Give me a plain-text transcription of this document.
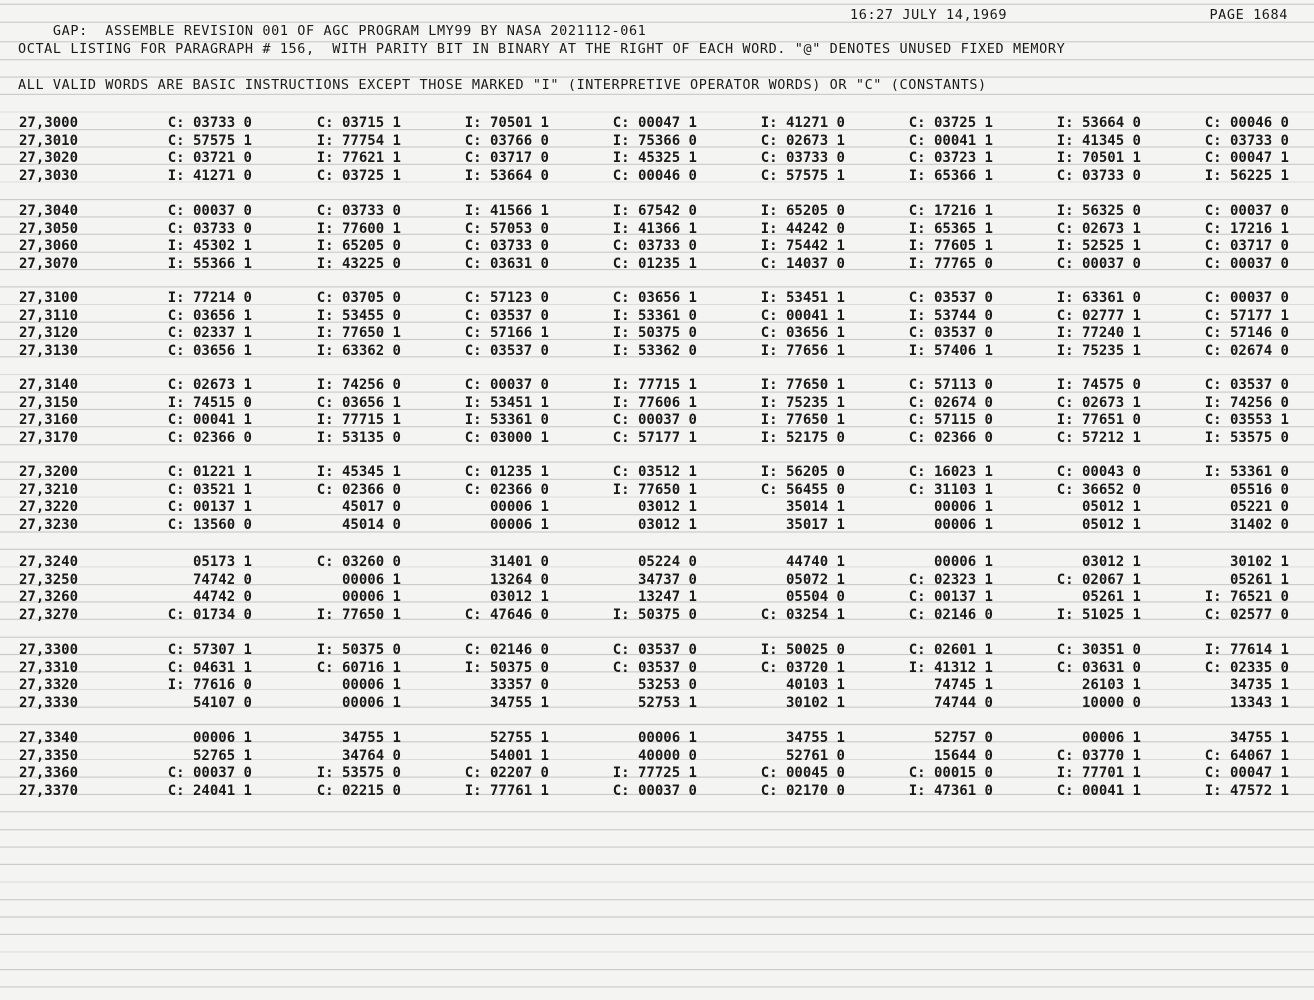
GAP:  ASSEMBLE REVISION 001 OF AGC PROGRAM LMY99 BY NASA 2021112-061

16:27 JULY 14,1969

	PAGE 1684

OCTAL LISTING FOR PARAGRAPH # 156,  WITH PARITY BIT IN BINARY AT THE RIGHT OF EACH WORD. "@" DENOTES UNUSED FIXED MEMORY
ALL VALID WORDS ARE BASIC INSTRUCTIONS EXCEPT THOSE MARKED "I" (INTERPRETIVE OPERATOR WORDS) OR "C" (CONSTANTS)
27,3000	C: 03733 0	C: 03715 1	I: 70501 1	C: 00047 1	I: 41271 0	C: 03725 1	I: 53664 0	C: 00046 0
27,3010	C: 57575 1	I: 77754 1	C: 03766 0	I: 75366 0	C: 02673 1	C: 00041 1	I: 41345 0	C: 03733 0
27,3020	C: 03721 0	I: 77621 1	C: 03717 0	I: 45325 1	C: 03733 0	C: 03723 1	I: 70501 1	C: 00047 1
27,3030	I: 41271 0	C: 03725 1	I: 53664 0	C: 00046 0	C: 57575 1	I: 65366 1	C: 03733 0	I: 56225 1
27,3040	C: 00037 0	C: 03733 0	I: 41566 1	I: 67542 0	I: 65205 0	C: 17216 1	I: 56325 0	C: 00037 0
27,3050	C: 03733 0	I: 77600 1	C: 57053 0	I: 41366 1	I: 44242 0	I: 65365 1	C: 02673 1	C: 17216 1
27,3060	I: 45302 1	I: 65205 0	C: 03733 0	C: 03733 0	I: 75442 1	I: 77605 1	I: 52525 1	C: 03717 0
27,3070	I: 55366 1	I: 43225 0	C: 03631 0	C: 01235 1	C: 14037 0	I: 77765 0	C: 00037 0	C: 00037 0
27,3100	I: 77214 0	C: 03705 0	C: 57123 0	C: 03656 1	I: 53451 1	C: 03537 0	I: 63361 0	C: 00037 0
27,3110	C: 03656 1	I: 53455 0	C: 03537 0	I: 53361 0	C: 00041 1	I: 53744 0	C: 02777 1	C: 57177 1
27,3120	C: 02337 1	I: 77650 1	C: 57166 1	I: 50375 0	C: 03656 1	C: 03537 0	I: 77240 1	C: 57146 0
27,3130	C: 03656 1	I: 63362 0	C: 03537 0	I: 53362 0	I: 77656 1	I: 57406 1	I: 75235 1	C: 02674 0
27,3140	C: 02673 1	I: 74256 0	C: 00037 0	I: 77715 1	I: 77650 1	C: 57113 0	I: 74575 0	C: 03537 0
27,3150	I: 74515 0	C: 03656 1	I: 53451 1	I: 77606 1	I: 75235 1	C: 02674 0	C: 02673 1	I: 74256 0
27,3160	C: 00041 1	I: 77715 1	I: 53361 0	C: 00037 0	I: 77650 1	C: 57115 0	I: 77651 0	C: 03553 1
27,3170	C: 02366 0	I: 53135 0	C: 03000 1	C: 57177 1	I: 52175 0	C: 02366 0	C: 57212 1	I: 53575 0
27,3200	C: 01221 1	I: 45345 1	C: 01235 1	C: 03512 1	I: 56205 0	C: 16023 1	C: 00043 0	I: 53361 0
27,3210	C: 03521 1	C: 02366 0	C: 02366 0	I: 77650 1	C: 56455 0	C: 31103 1	C: 36652 0	05516 0
27,3220	C: 00137 1	45017 0	00006 1	03012 1	35014 1	00006 1	05012 1	05221 0
27,3230	C: 13560 0	45014 0	00006 1	03012 1	35017 1	00006 1	05012 1	31402 0
27,3240	05173 1	C: 03260 0	31401 0	05224 0	44740 1	00006 1	03012 1	30102 1
27,3250	74742 0	00006 1	13264 0	34737 0	05072 1	C: 02323 1	C: 02067 1	05261 1
27,3260	44742 0	00006 1	03012 1	13247 1	05504 0	C: 00137 1	05261 1	I: 76521 0
27,3270	C: 01734 0	I: 77650 1	C: 47646 0	I: 50375 0	C: 03254 1	C: 02146 0	I: 51025 1	C: 02577 0
27,3300	C: 57307 1	I: 50375 0	C: 02146 0	C: 03537 0	I: 50025 0	C: 02601 1	C: 30351 0	I: 77614 1
27,3310	C: 04631 1	C: 60716 1	I: 50375 0	C: 03537 0	C: 03720 1	I: 41312 1	C: 03631 0	C: 02335 0
27,3320	I: 77616 0	00006 1	33357 0	53253 0	40103 1	74745 1	26103 1	34735 1
27,3330	54107 0	00006 1	34755 1	52753 1	30102 1	74744 0	10000 0	13343 1
27,3340	00006 1	34755 1	52755 1	00006 1	34755 1	52757 0	00006 1	34755 1
27,3350	52765 1	34764 0	54001 1	40000 0	52761 0	15644 0	C: 03770 1	C: 64067 1
27,3360	C: 00037 0	I: 53575 0	C: 02207 0	I: 77725 1	C: 00045 0	C: 00015 0	I: 77701 1	C: 00047 1
27,3370	C: 24041 1	C: 02215 0	I: 77761 1	C: 00037 0	C: 02170 0	I: 47361 0	C: 00041 1	I: 47572 1
